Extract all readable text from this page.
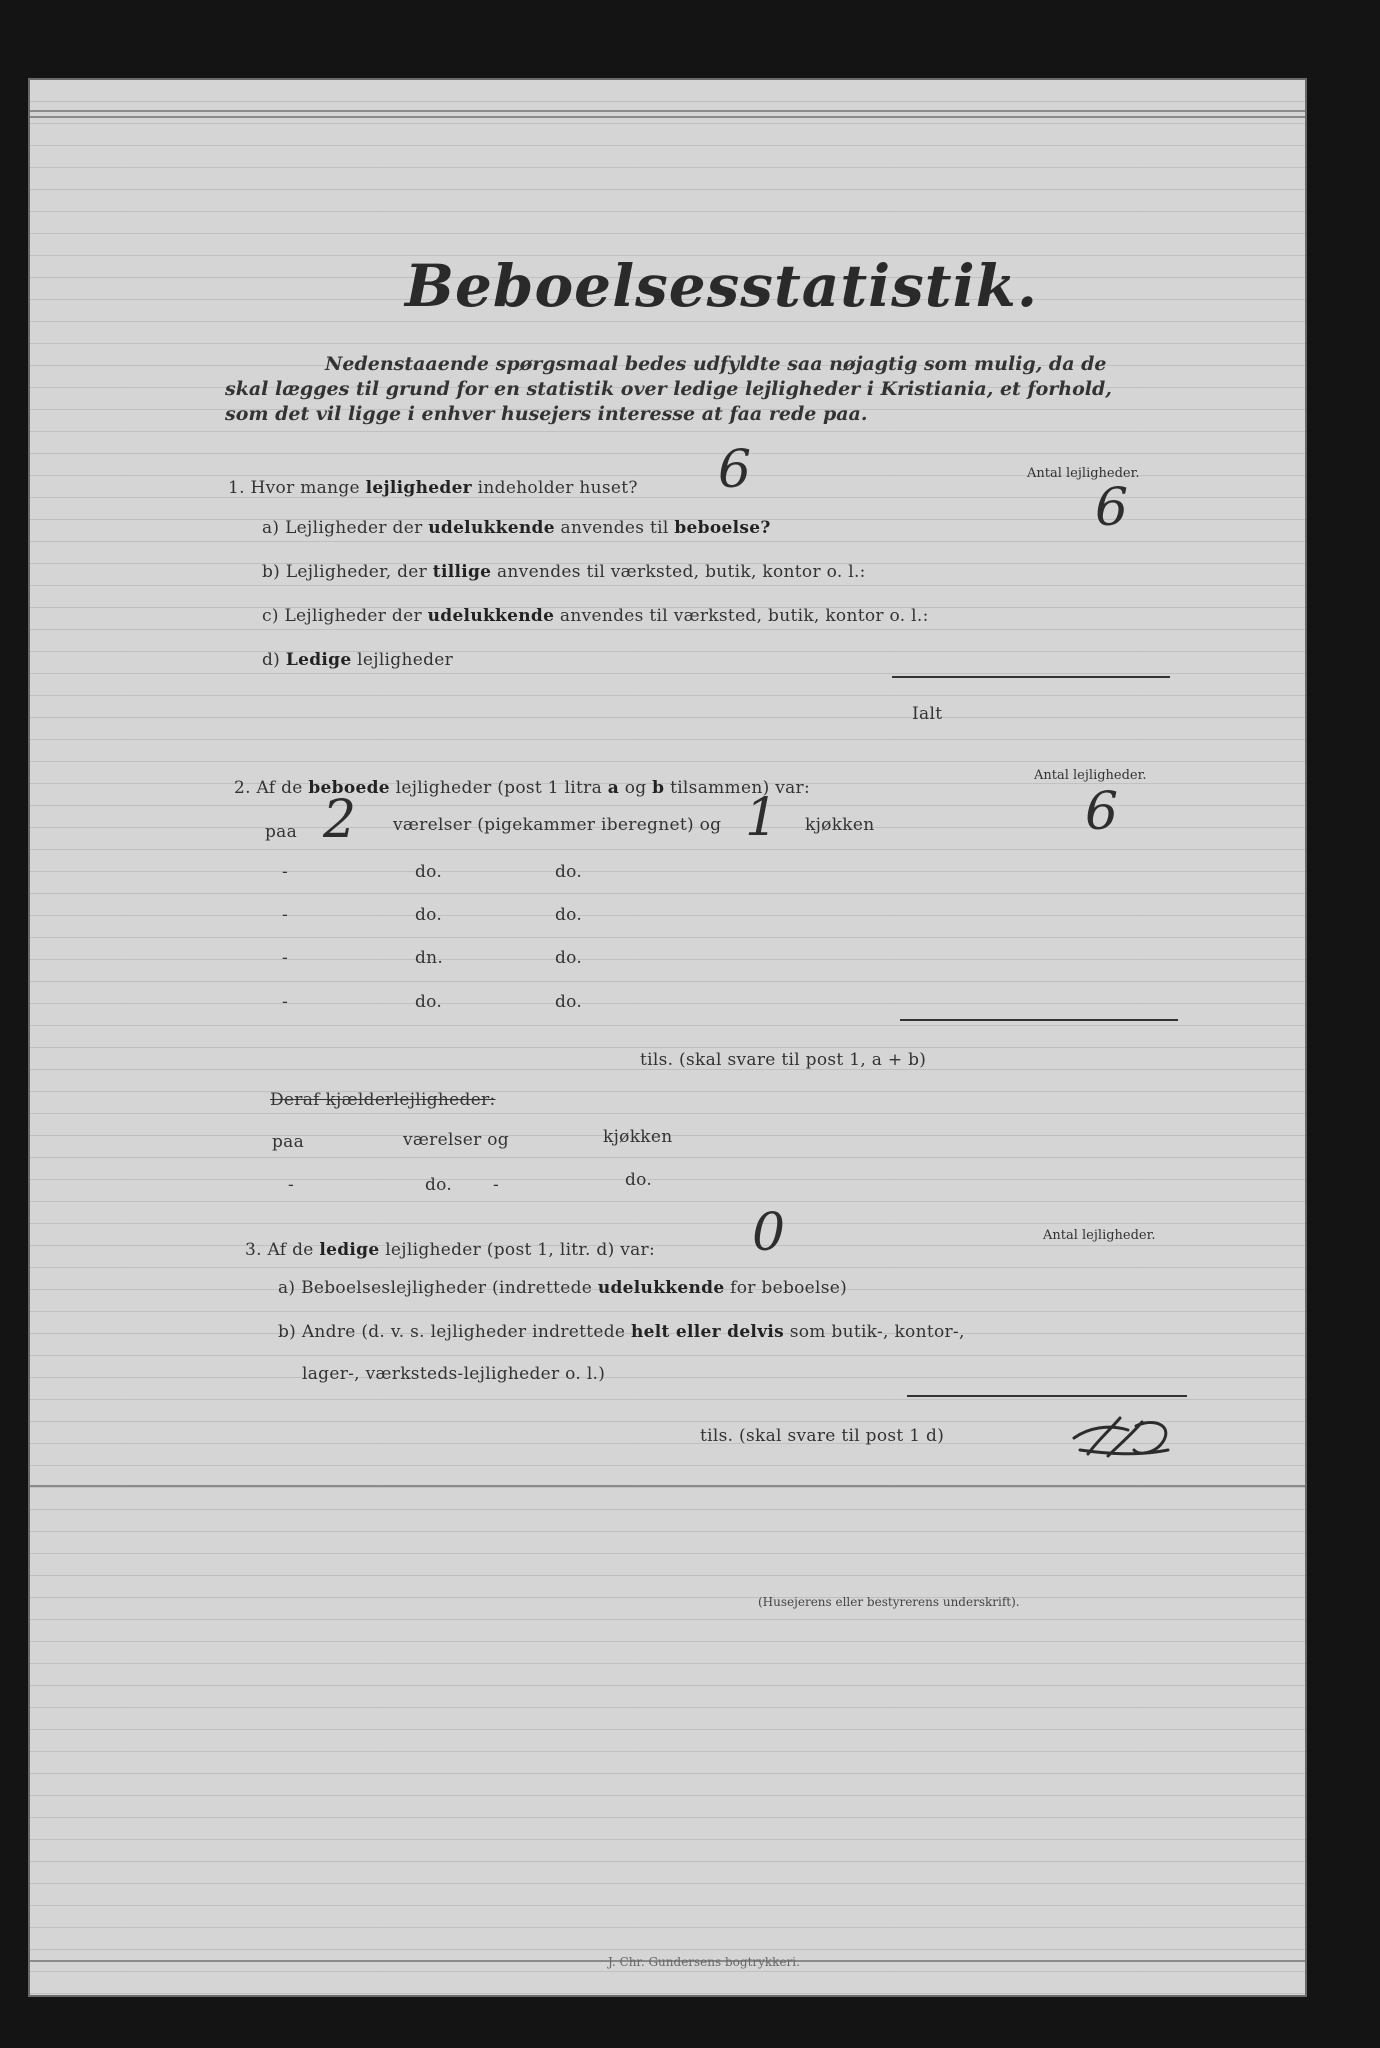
Beboelsesstatistik.
Nedenstaaende spørgsmaal bedes udfyldte saa nøjagtig som mulig, da de
skal lægges til grund for en statistik over ledige lejligheder i Kristiania, et forhold,
som det vil ligge i enhver husejers interesse at faa rede paa.
1. Hvor mange lejligheder indeholder huset? 6	Antal lejligheder.
6
a) Lejligheder der udelukkende anvendes til beboelse?
b) Lejligheder, der tillige anvendes til værksted, butik, kontor o. l.:
c) Lejligheder der udelukkende anvendes til værksted, butik, kontor o. l.:
d) Ledige lejligheder
Ialt
2. Af de beboede lejligheder (post 1 litra a og b tilsammen) var:
Antal lejligheder.
6
paa 2 værelser (pigekammer iberegnet) og 1 kjøkken
-	do.	do.
-	do.	do.
-	dn.	do.
-	do.	do.
tils. (skal svare til post 1, a + b)
Deraf kjælderlejligheder:
paa	værelser og	kjøkken
-	do. -	do.
3. Af de ledige lejligheder (post 1, litr. d) var: 0	Antal lejligheder.
a) Beboelseslejligheder (indrettede udelukkende for beboelse)
b) Andre (d. v. s. lejligheder indrettede helt eller delvis som butik-, kontor-,
lager-, værksteds-lejligheder o. l.)
tils. (skal svare til post 1 d)
(Husejerens eller bestyrerens underskrift).
J. Chr. Gundersens bogtrykkeri.
